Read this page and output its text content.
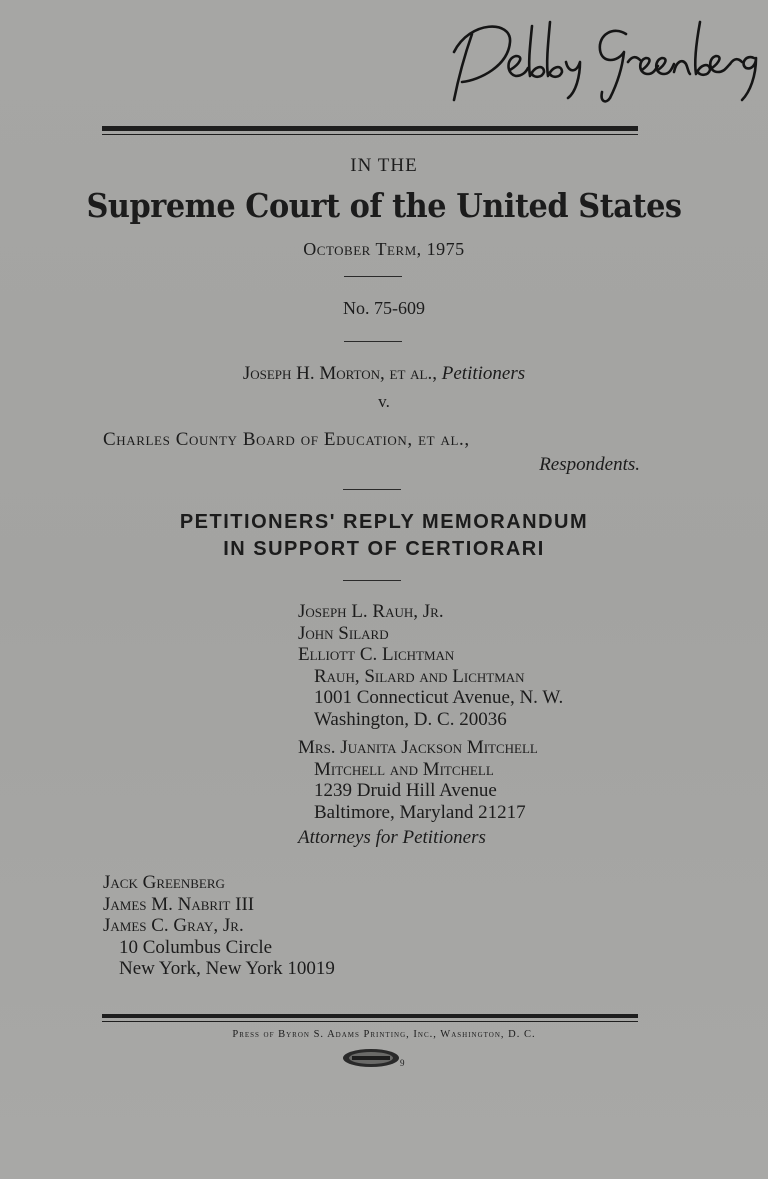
IN THE
Supreme Court of the United States
October Term, 1975
No. 75-609
Joseph H. Morton, et al., Petitioners
v.
Charles County Board of Education, et al.,
Respondents.
PETITIONERS' REPLY MEMORANDUM
IN SUPPORT OF CERTIORARI
Joseph L. Rauh, Jr.
John Silard
Elliott C. Lichtman
Rauh, Silard and Lichtman
1001 Connecticut Avenue, N. W.
Washington, D. C. 20036
Mrs. Juanita Jackson Mitchell
Mitchell and Mitchell
1239 Druid Hill Avenue
Baltimore, Maryland 21217
Attorneys for Petitioners
Jack Greenberg
James M. Nabrit III
James C. Gray, Jr.
10 Columbus Circle
New York, New York 10019
Press of Byron S. Adams Printing, Inc., Washington, D. C.
9
